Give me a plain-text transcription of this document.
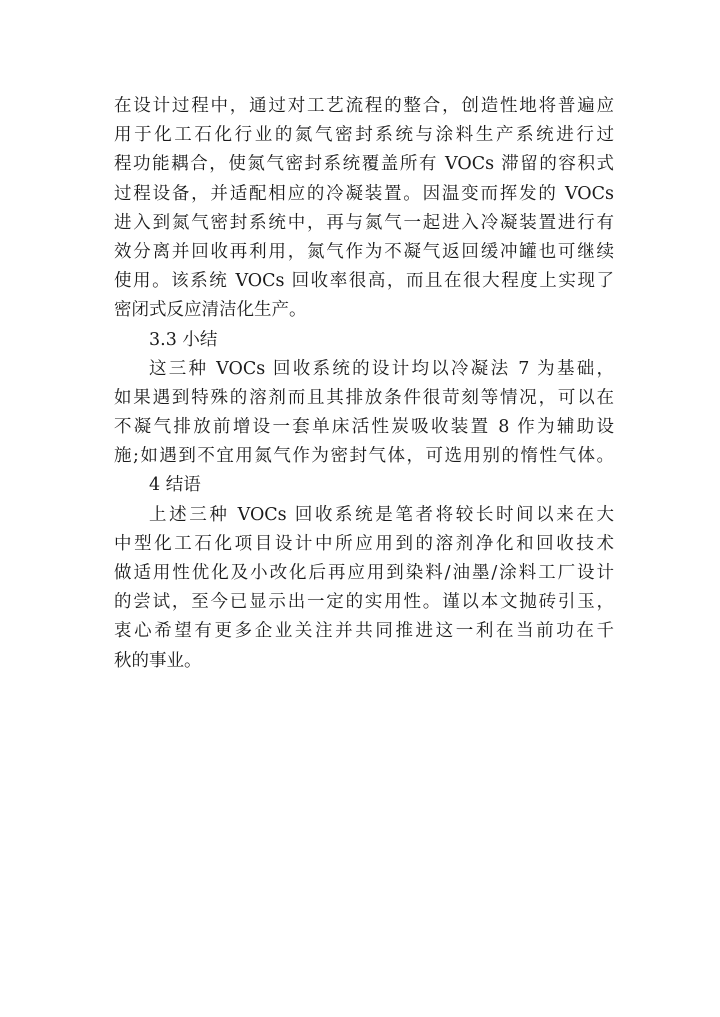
在设计过程中，通过对工艺流程的整合，创造性地将普遍应
用于化工石化行业的氮气密封系统与涂料生产系统进行过
程功能耦合，使氮气密封系统覆盖所有 VOCs 滞留的容积式
过程设备，并适配相应的冷凝装置。因温变而挥发的 VOCs
进入到氮气密封系统中，再与氮气一起进入冷凝装置进行有
效分离并回收再利用，氮气作为不凝气返回缓冲罐也可继续
使用。该系统 VOCs 回收率很高，而且在很大程度上实现了
密闭式反应清洁化生产。
3.3 小结
这三种 VOCs 回收系统的设计均以冷凝法 7 为基础，
如果遇到特殊的溶剂而且其排放条件很苛刻等情况，可以在
不凝气排放前增设一套单床活性炭吸收装置 8 作为辅助设
施;如遇到不宜用氮气作为密封气体，可选用别的惰性气体。
4 结语
上述三种 VOCs 回收系统是笔者将较长时间以来在大
中型化工石化项目设计中所应用到的溶剂净化和回收技术
做适用性优化及小改化后再应用到染料/油墨/涂料工厂设计
的尝试，至今已显示出一定的实用性。谨以本文抛砖引玉，
衷心希望有更多企业关注并共同推进这一利在当前功在千
秋的事业。
